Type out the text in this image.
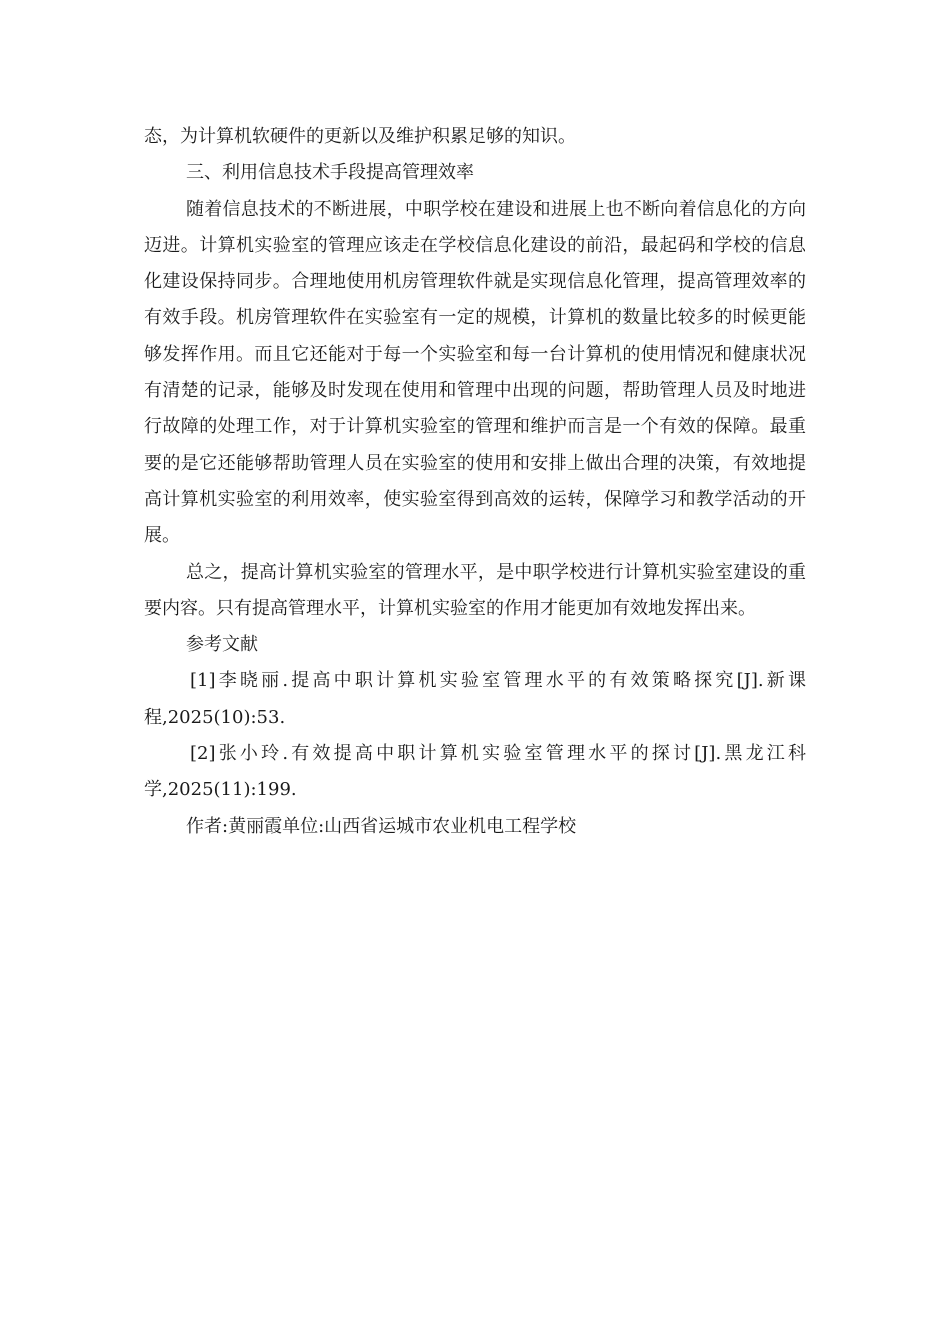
态，为计算机软硬件的更新以及维护积累足够的知识。

三、利用信息技术手段提高管理效率

随着信息技术的不断进展，中职学校在建设和进展上也不断向着信息化的方向迈进。计算机实验室的管理应该走在学校信息化建设的前沿，最起码和学校的信息化建设保持同步。合理地使用机房管理软件就是实现信息化管理，提高管理效率的有效手段。机房管理软件在实验室有一定的规模，计算机的数量比较多的时候更能够发挥作用。而且它还能对于每一个实验室和每一台计算机的使用情况和健康状况有清楚的记录，能够及时发现在使用和管理中出现的问题，帮助管理人员及时地进行故障的处理工作，对于计算机实验室的管理和维护而言是一个有效的保障。最重要的是它还能够帮助管理人员在实验室的使用和安排上做出合理的决策，有效地提高计算机实验室的利用效率，使实验室得到高效的运转，保障学习和教学活动的开展。

总之，提高计算机实验室的管理水平，是中职学校进行计算机实验室建设的重要内容。只有提高管理水平，计算机实验室的作用才能更加有效地发挥出来。

参考文献

[1]李晓丽.提高中职计算机实验室管理水平的有效策略探究[J].新课程,2025(10):53.

[2]张小玲.有效提高中职计算机实验室管理水平的探讨[J].黑龙江科学,2025(11):199.

作者:黄丽霞单位:山西省运城市农业机电工程学校
